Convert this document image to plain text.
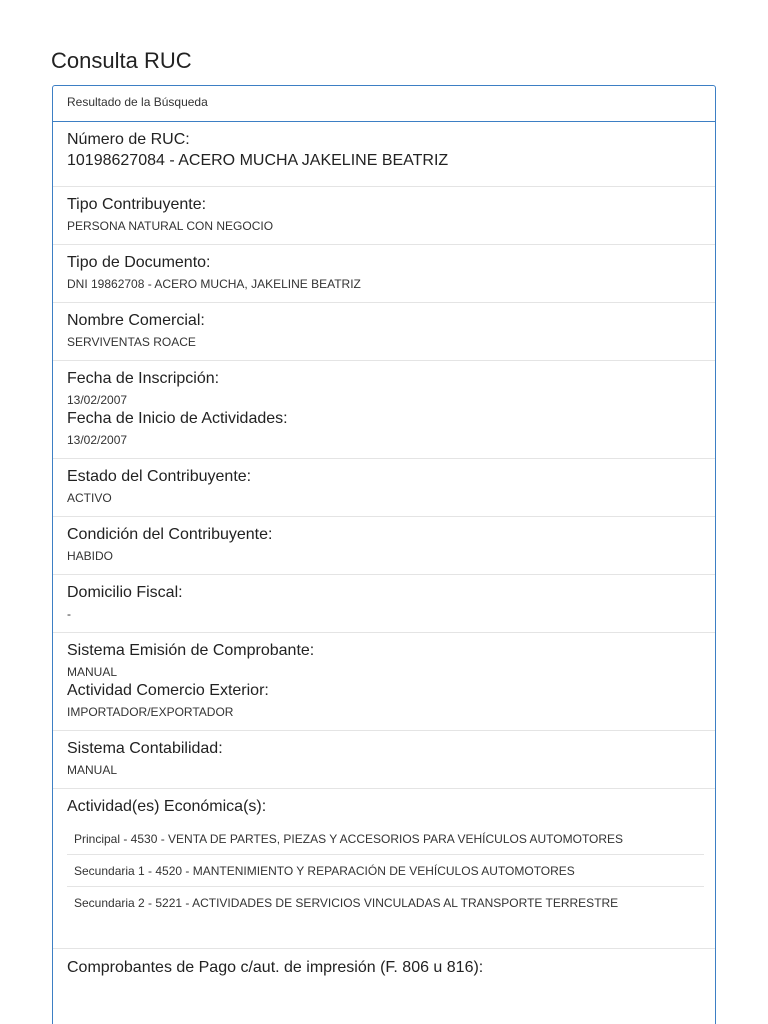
Consulta RUC
Resultado de la Búsqueda
Número de RUC:
10198627084 - ACERO MUCHA JAKELINE BEATRIZ
Tipo Contribuyente:
PERSONA NATURAL CON NEGOCIO
Tipo de Documento:
DNI 19862708 - ACERO MUCHA, JAKELINE BEATRIZ
Nombre Comercial:
SERVIVENTAS ROACE
Fecha de Inscripción:
13/02/2007
Fecha de Inicio de Actividades:
13/02/2007
Estado del Contribuyente:
ACTIVO
Condición del Contribuyente:
HABIDO
Domicilio Fiscal:
-
Sistema Emisión de Comprobante:
MANUAL
Actividad Comercio Exterior:
IMPORTADOR/EXPORTADOR
Sistema Contabilidad:
MANUAL
Actividad(es) Económica(s):
Principal - 4530 - VENTA DE PARTES, PIEZAS Y ACCESORIOS PARA VEHÍCULOS AUTOMOTORES
Secundaria 1 - 4520 - MANTENIMIENTO Y REPARACIÓN DE VEHÍCULOS AUTOMOTORES
Secundaria 2 - 5221 - ACTIVIDADES DE SERVICIOS VINCULADAS AL TRANSPORTE TERRESTRE
Comprobantes de Pago c/aut. de impresión (F. 806 u 816):
